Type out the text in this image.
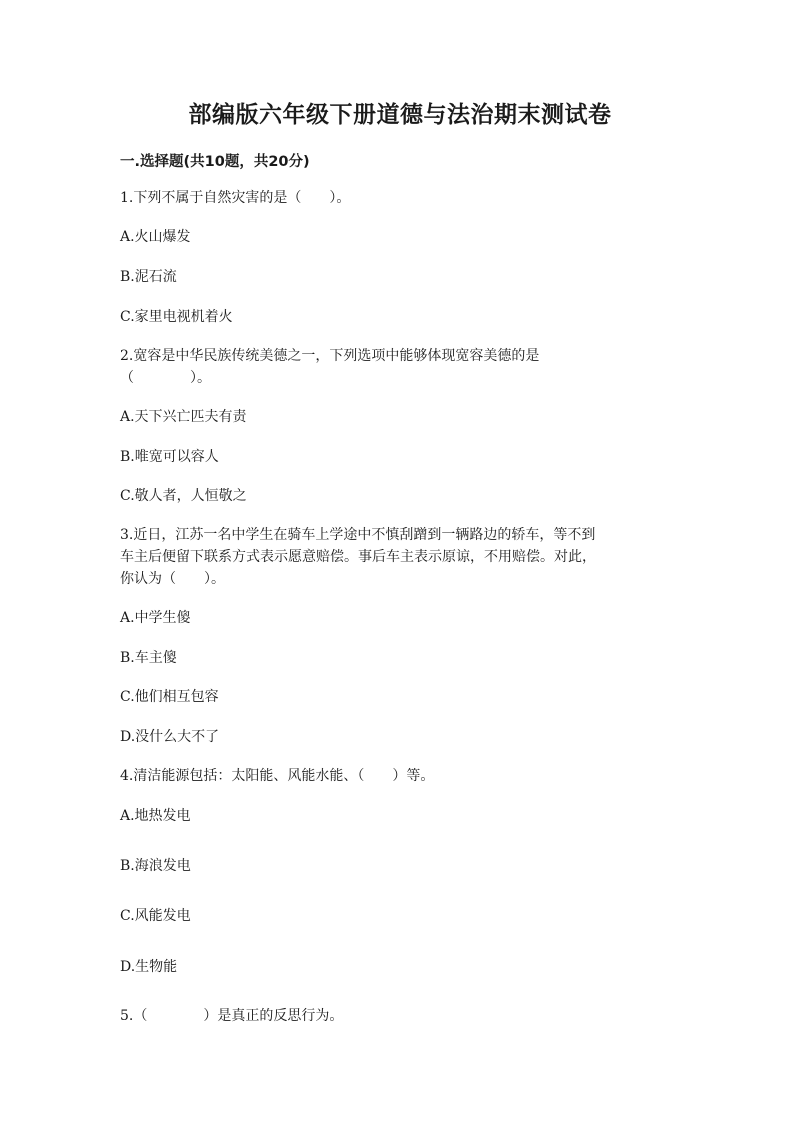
部编版六年级下册道德与法治期末测试卷
一.选择题(共10题，共20分)
1.下列不属于自然灾害的是（　　）。
A.火山爆发
B.泥石流
C.家里电视机着火
2.宽容是中华民族传统美德之一，下列选项中能够体现宽容美德的是
（　　　　）。
A.天下兴亡匹夫有责
B.唯宽可以容人
C.敬人者，人恒敬之
3.近日，江苏一名中学生在骑车上学途中不慎刮蹭到一辆路边的轿车，等不到
车主后便留下联系方式表示愿意赔偿。事后车主表示原谅，不用赔偿。对此，
你认为（　　）。
A.中学生傻
B.车主傻
C.他们相互包容
D.没什么大不了
4.清洁能源包括：太阳能、风能水能、（　　）等。
A.地热发电
B.海浪发电
C.风能发电
D.生物能
5.（　　　　）是真正的反思行为。
